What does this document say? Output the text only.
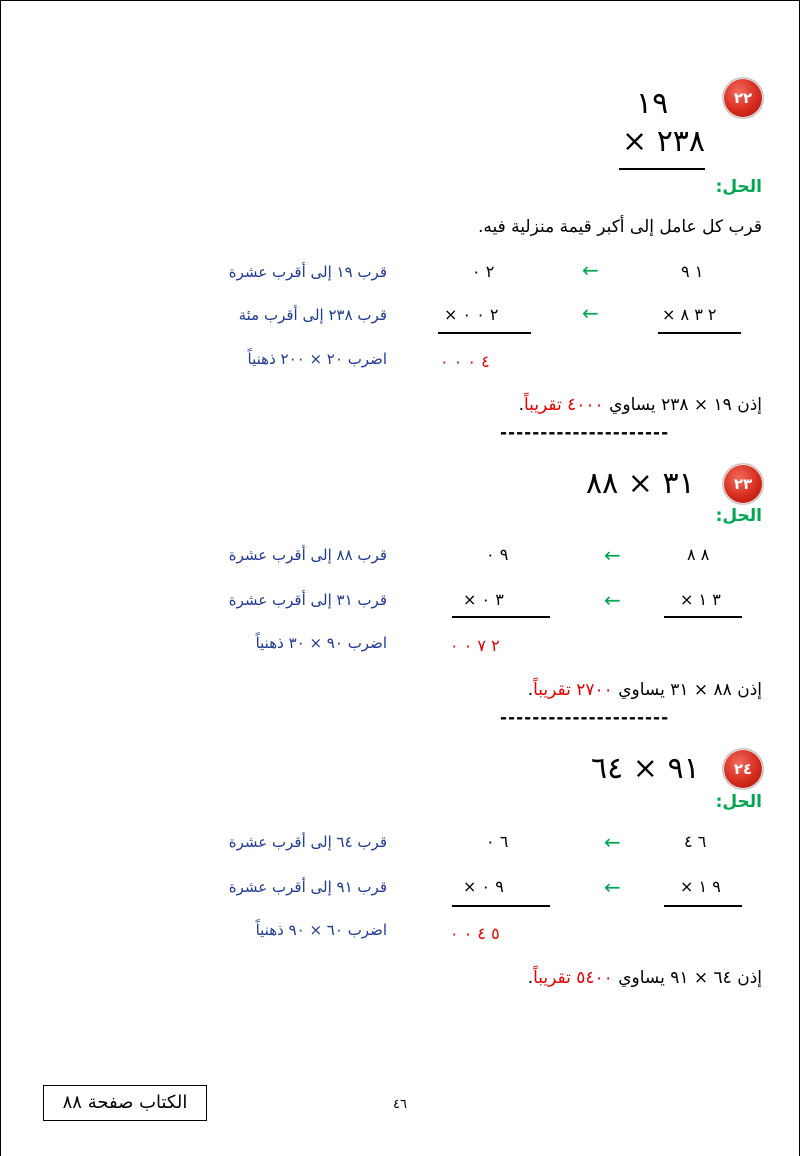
٢٢
١٩
٢٣٨ ×
الحل:
قرب كل عامل إلى أكبر قيمة منزلية فيه.
١ ٩
←
٢ ٠
قرب ١٩ إلى أقرب عشرة
٢ ٣ ٨ ×
←
٢ ٠ ٠ ×
قرب ٢٣٨ إلى أقرب مئة
٤ ٠ ٠ ٠
اضرب ٢٠ × ٢٠٠ ذهنياً
إذن ١٩ × ٢٣٨ يساوي ٤٠٠٠ تقريباً.
---------------------
٢٣
٣١ × ٨٨
الحل:
٨ ٨
←
٩ ٠
قرب ٨٨ إلى أقرب عشرة
٣ ١ ×
←
٣ ٠ ×
قرب ٣١ إلى أقرب عشرة
٢ ٧ ٠ ٠
اضرب ٩٠ × ٣٠ ذهنياً
إذن ٨٨ × ٣١ يساوي ٢٧٠٠ تقريباً.
---------------------
٢٤
٩١ × ٦٤
الحل:
٦ ٤
←
٦ ٠
قرب ٦٤ إلى أقرب عشرة
٩ ١ ×
←
٩ ٠ ×
قرب ٩١ إلى أقرب عشرة
٥ ٤ ٠ ٠
اضرب ٦٠ × ٩٠ ذهنياً
إذن ٦٤ × ٩١ يساوي ٥٤٠٠ تقريباً.
الكتاب صفحة ٨٨	٤٦
